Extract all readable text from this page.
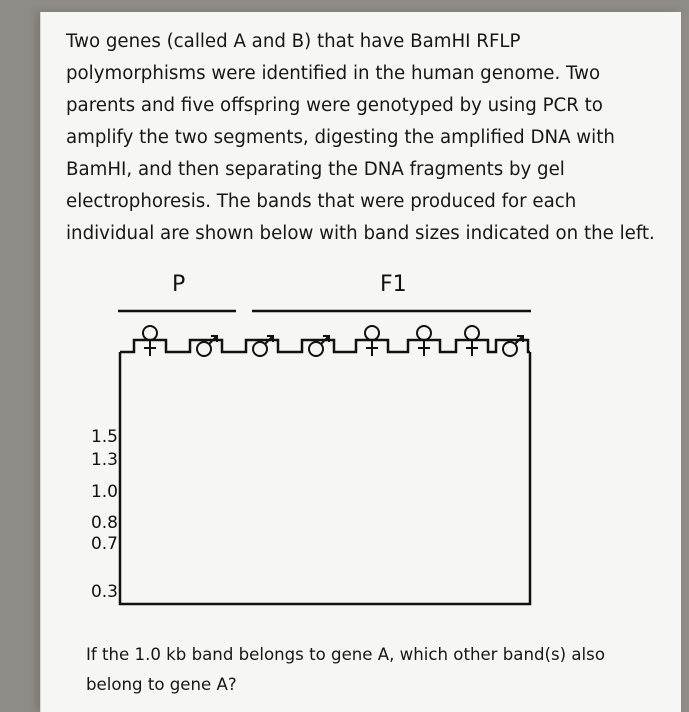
Two genes (called A and B) that have BamHI RFLP
polymorphisms were identified in the human genome. Two
parents and five offspring were genotyped by using PCR to
amplify the two segments, digesting the amplified DNA with
BamHI, and then separating the DNA fragments by gel
electrophoresis. The bands that were produced for each
individual are shown below with band sizes indicated on the left.
P	F1
1.5
1.3
1.0
0.8
0.7
0.3
If the 1.0 kb band belongs to gene A, which other band(s) also
belong to gene A?
